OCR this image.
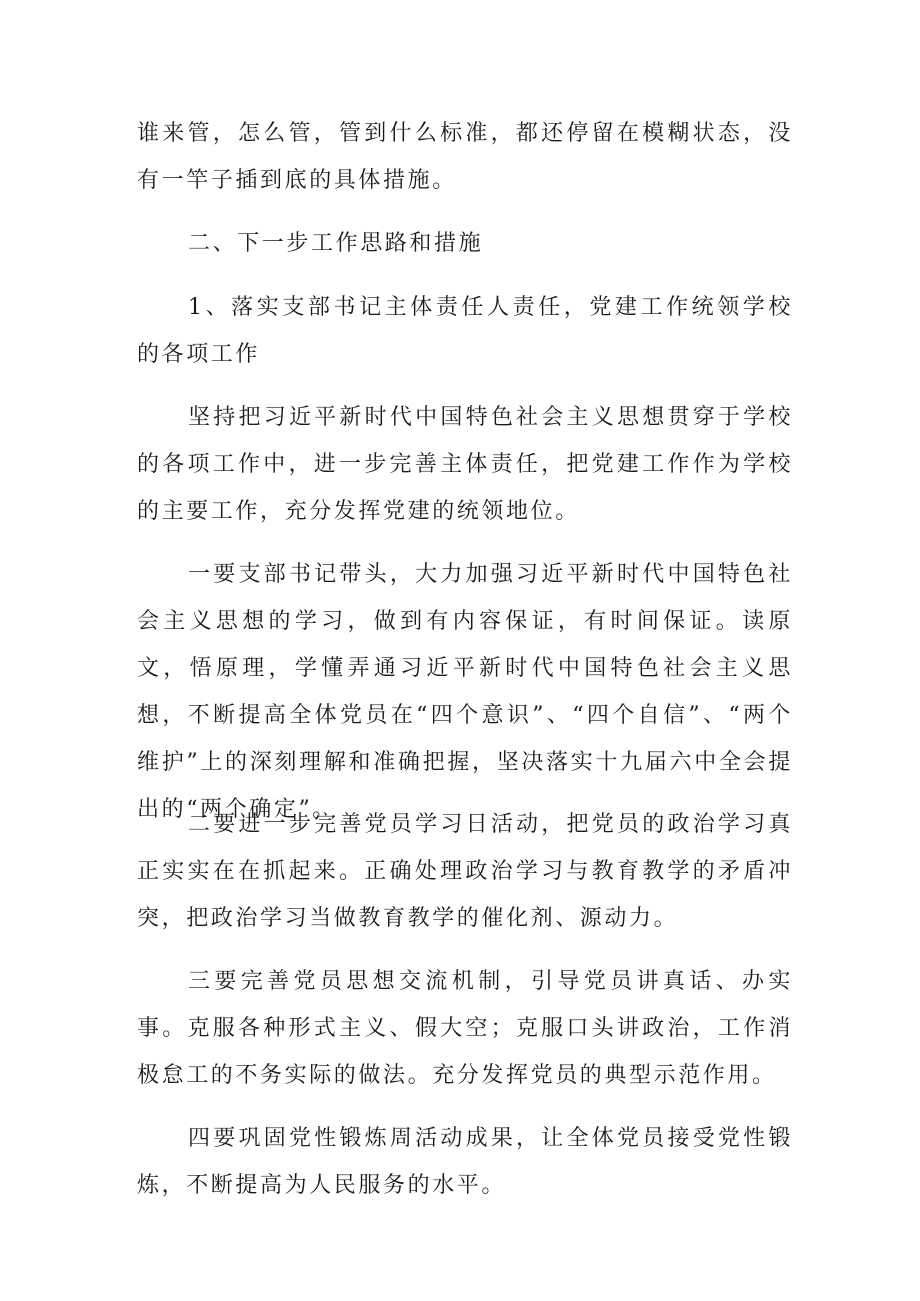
谁来管，怎么管，管到什么标准，都还停留在模糊状态，没有一竿子插到底的具体措施。

二、下一步工作思路和措施

1、落实支部书记主体责任人责任，党建工作统领学校的各项工作

坚持把习近平新时代中国特色社会主义思想贯穿于学校的各项工作中，进一步完善主体责任，把党建工作作为学校的主要工作，充分发挥党建的统领地位。

一要支部书记带头，大力加强习近平新时代中国特色社会主义思想的学习，做到有内容保证，有时间保证。读原文，悟原理，学懂弄通习近平新时代中国特色社会主义思想，不断提高全体党员在“四个意识”、“四个自信”、“两个维护”上的深刻理解和准确把握，坚决落实十九届六中全会提出的“两个确定”。

二要进一步完善党员学习日活动，把党员的政治学习真正实实在在抓起来。正确处理政治学习与教育教学的矛盾冲突，把政治学习当做教育教学的催化剂、源动力。

三要完善党员思想交流机制，引导党员讲真话、办实事。克服各种形式主义、假大空；克服口头讲政治，工作消极怠工的不务实际的做法。充分发挥党员的典型示范作用。

四要巩固党性锻炼周活动成果，让全体党员接受党性锻炼，不断提高为人民服务的水平。
